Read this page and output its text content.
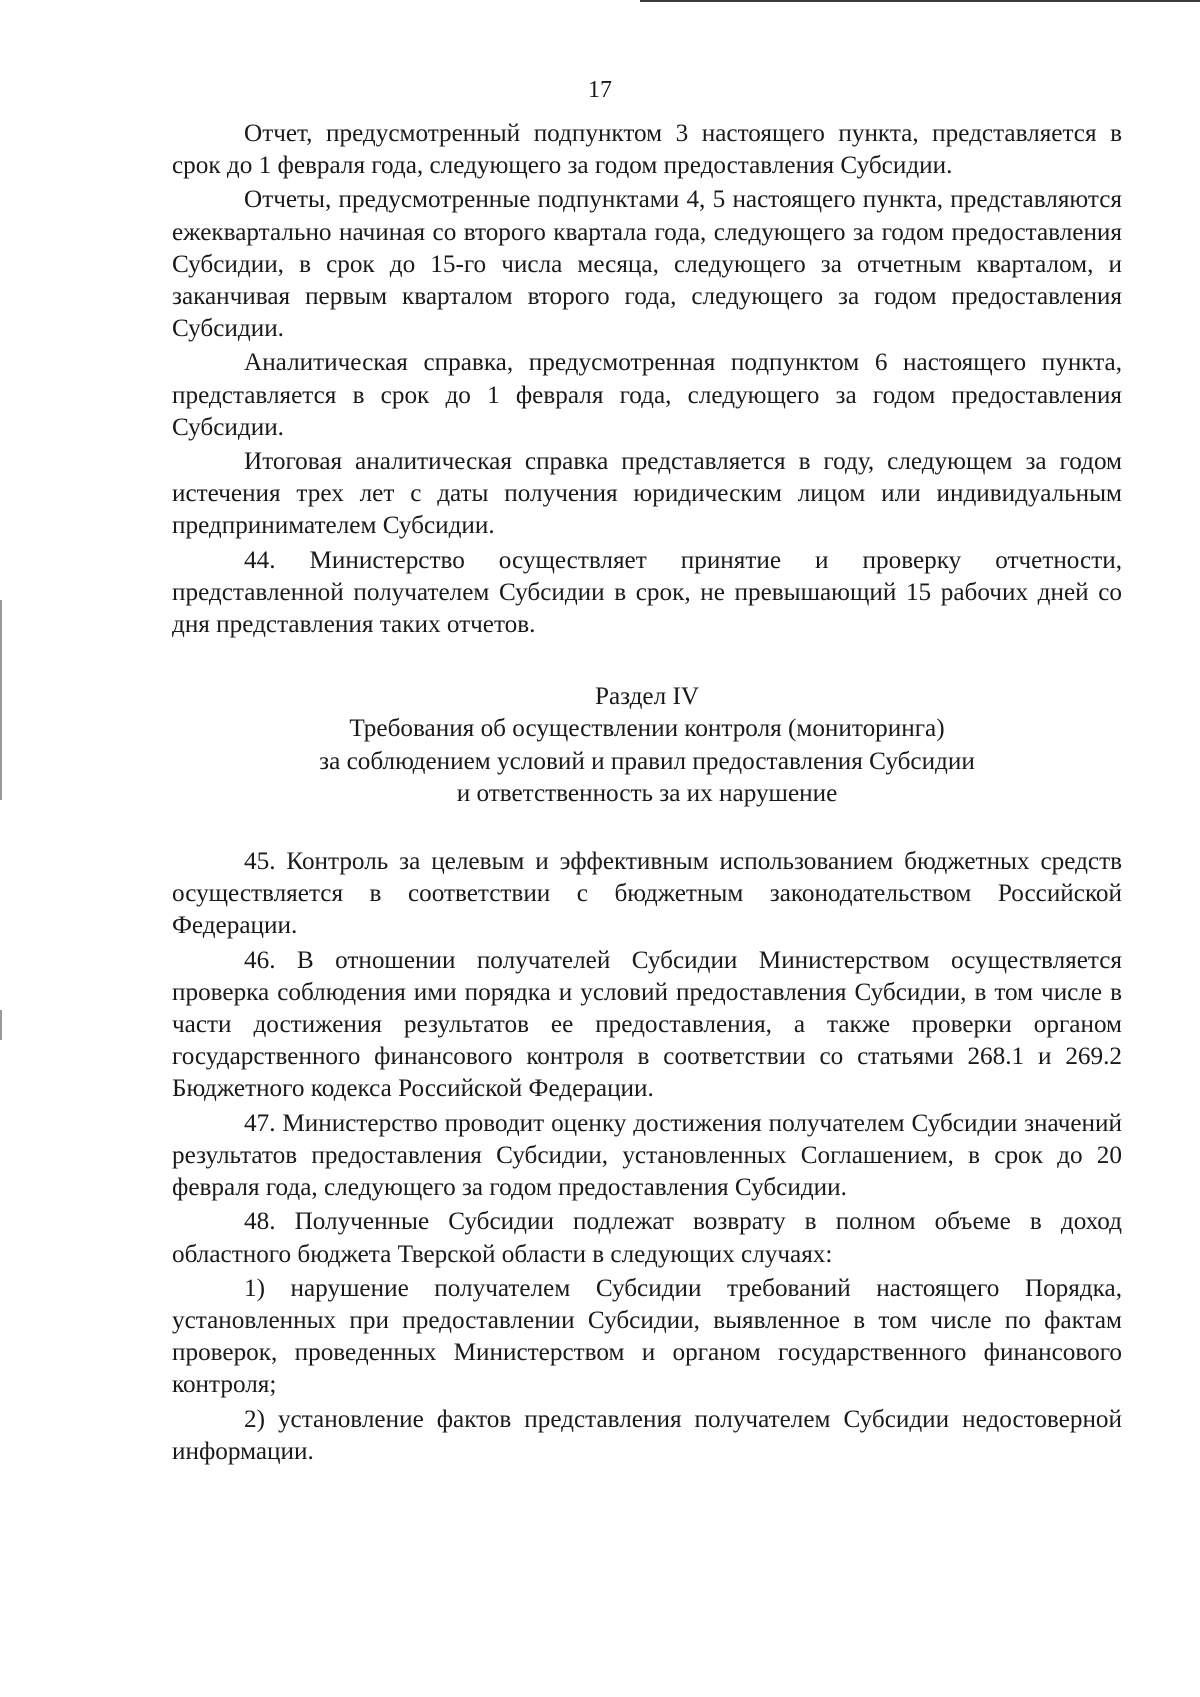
17

Отчет, предусмотренный подпунктом 3 настоящего пункта, представляется в срок до 1 февраля года, следующего за годом предоставления Субсидии.

Отчеты, предусмотренные подпунктами 4, 5 настоящего пункта, представляются ежеквартально начиная со второго квартала года, следующего за годом предоставления Субсидии, в срок до 15-го числа месяца, следующего за отчетным кварталом, и заканчивая первым кварталом второго года, следующего за годом предоставления Субсидии.

Аналитическая справка, предусмотренная подпунктом 6 настоящего пункта, представляется в срок до 1 февраля года, следующего за годом предоставления Субсидии.

Итоговая аналитическая справка представляется в году, следующем за годом истечения трех лет с даты получения юридическим лицом или индивидуальным предпринимателем Субсидии.

44. Министерство осуществляет принятие и проверку отчетности, представленной получателем Субсидии в срок, не превышающий 15 рабочих дней со дня представления таких отчетов.

Раздел IV
Требования об осуществлении контроля (мониторинга)
за соблюдением условий и правил предоставления Субсидии
и ответственность за их нарушение

45. Контроль за целевым и эффективным использованием бюджетных средств осуществляется в соответствии с бюджетным законодательством Российской Федерации.

46. В отношении получателей Субсидии Министерством осуществляется проверка соблюдения ими порядка и условий предоставления Субсидии, в том числе в части достижения результатов ее предоставления, а также проверки органом государственного финансового контроля в соответствии со статьями 268.1 и 269.2 Бюджетного кодекса Российской Федерации.

47. Министерство проводит оценку достижения получателем Субсидии значений результатов предоставления Субсидии, установленных Соглашением, в срок до 20 февраля года, следующего за годом предоставления Субсидии.

48. Полученные Субсидии подлежат возврату в полном объеме в доход областного бюджета Тверской области в следующих случаях:

1) нарушение получателем Субсидии требований настоящего Порядка, установленных при предоставлении Субсидии, выявленное в том числе по фактам проверок, проведенных Министерством и органом государственного финансового контроля;

2) установление фактов представления получателем Субсидии недостоверной информации.
